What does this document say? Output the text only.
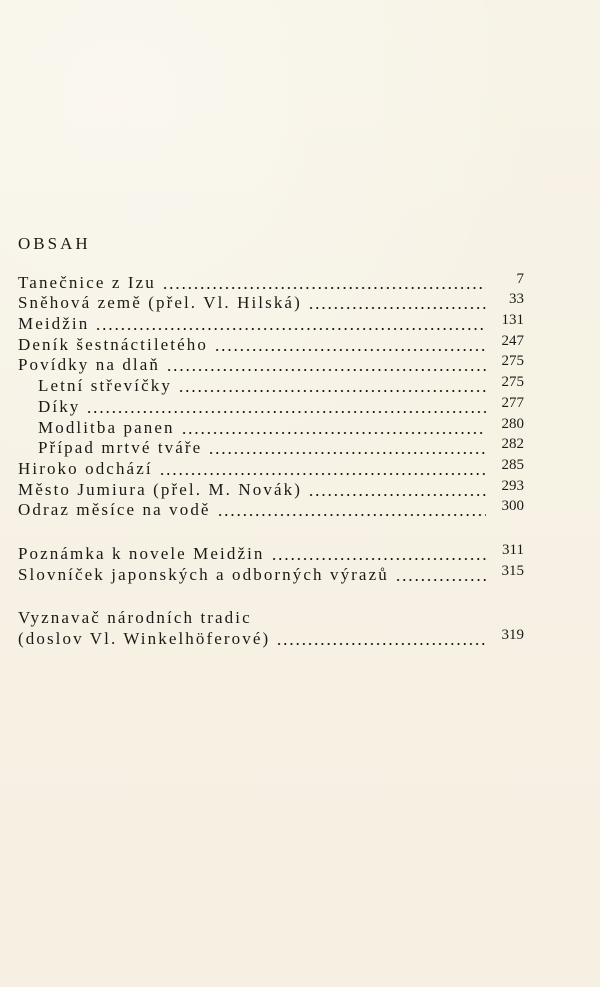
OBSAH
Tanečnice z Izu	7
Sněhová země (přel. Vl. Hilská)	33
Meidžin	131
Deník šestnáctiletého	247
Povídky na dlaň	275
Letní střevíčky	275
Díky	277
Modlitba panen	280
Případ mrtvé tváře	282
Hiroko odchází	285
Město Jumiura (přel. M. Novák)	293
Odraz měsíce na vodě	300
Poznámka k novele Meidžin	311
Slovníček japonských a odborných výrazů	315
Vyznavač národních tradic
(doslov Vl. Winkelhöferové)	319
